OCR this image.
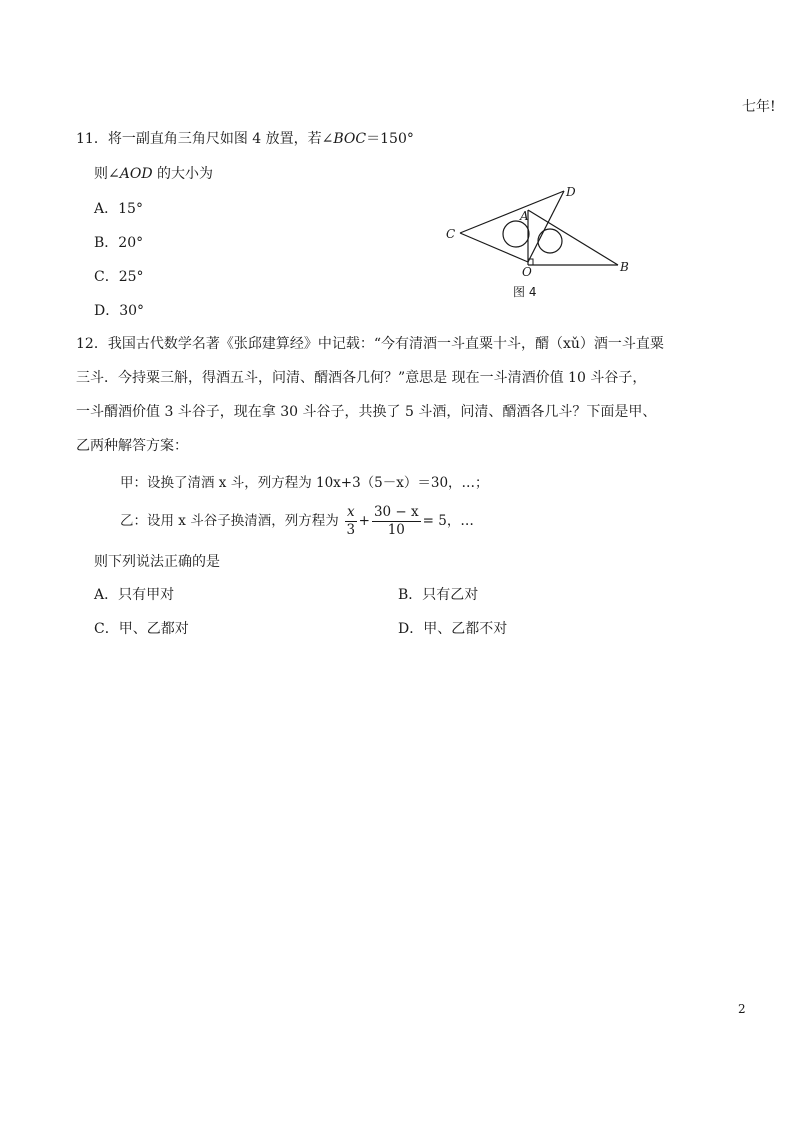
七年!
11．将一副直角三角尺如图 4 放置，若∠BOC＝150°
则∠AOD 的大小为
A．15°
B．20°
C．25°
D．30°
C
A
D
O	B
图 4
12．我国古代数学名著《张邱建算经》中记载：“今有清酒一斗直粟十斗，醑（xǔ）酒一斗直粟
三斗．今持粟三斛，得酒五斗，问清、醑酒各几何？”意思是 现在一斗清酒价值 10 斗谷子，
一斗醑酒价值 3 斗谷子，现在拿 30 斗谷子，共换了 5 斗酒，问清、醑酒各几斗？下面是甲、
乙两种解答方案：
甲：设换了清酒 x 斗，列方程为 10x+3（5－x）＝30，…；
乙：设用 x 斗谷子换清酒，列方程为 $\frac{x}{3} + \frac{30 - x}{10} = 5$，…
则下列说法正确的是
A．只有甲对	B．只有乙对
C．甲、乙都对	D．甲、乙都不对
2
